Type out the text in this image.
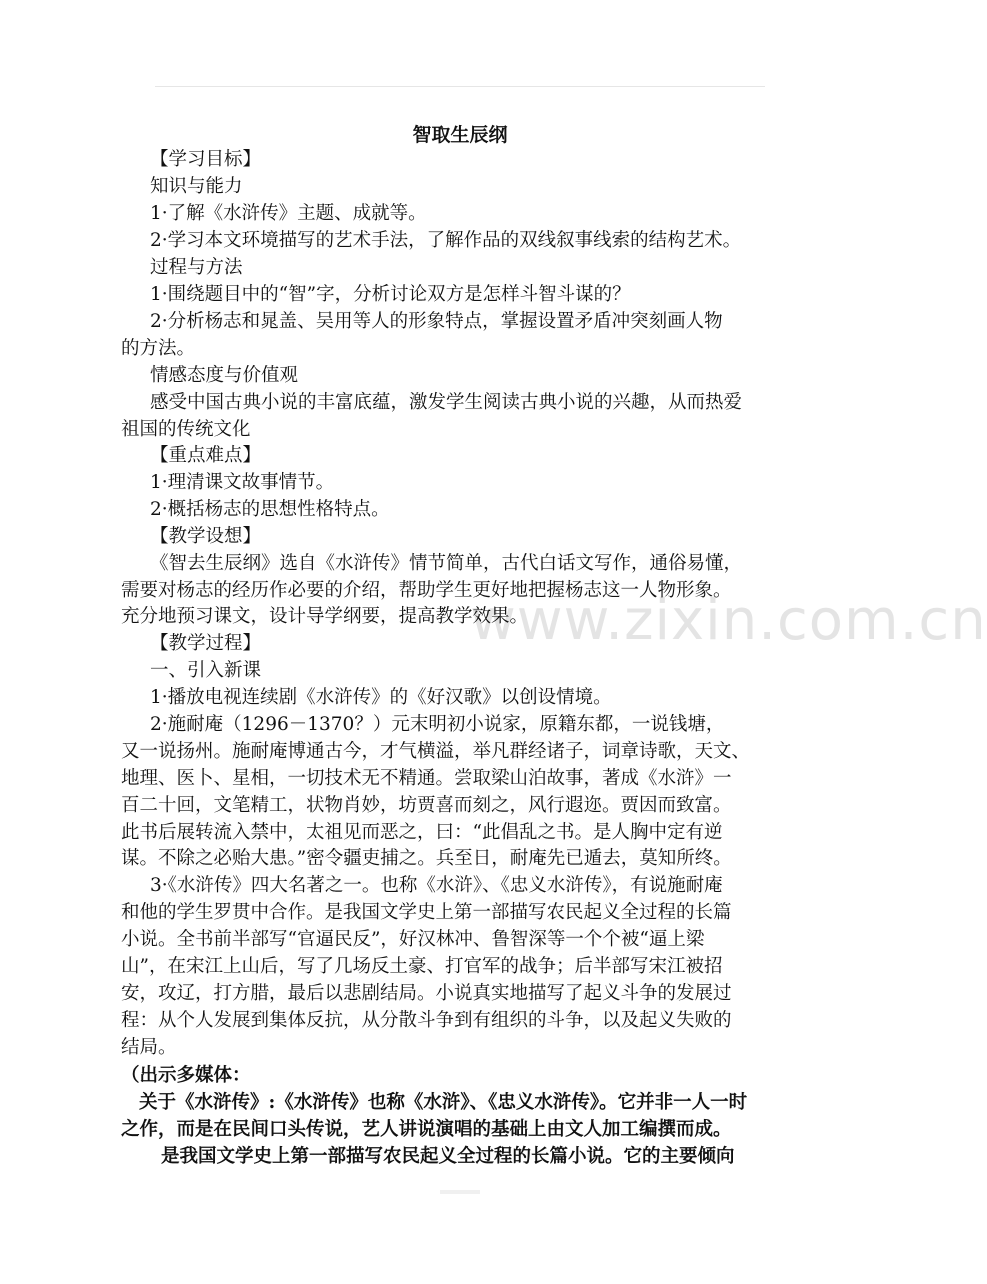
www.zixin.com.cn
智取生辰纲
【学习目标】
知识与能力
1·了解《水浒传》主题、成就等。
2·学习本文环境描写的艺术手法，了解作品的双线叙事线索的结构艺术。
过程与方法
1·围绕题目中的“智”字，分析讨论双方是怎样斗智斗谋的？
2·分析杨志和晁盖、吴用等人的形象特点，掌握设置矛盾冲突刻画人物
的方法。
情感态度与价值观
感受中国古典小说的丰富底蕴，激发学生阅读古典小说的兴趣，从而热爱
祖国的传统文化
【重点难点】
1·理清课文故事情节。
2·概括杨志的思想性格特点。
【教学设想】
《智去生辰纲》选自《水浒传》情节简单，古代白话文写作，通俗易懂，
需要对杨志的经历作必要的介绍，帮助学生更好地把握杨志这一人物形象。
充分地预习课文，设计导学纲要，提高教学效果。
【教学过程】
一、引入新课
1·播放电视连续剧《水浒传》的《好汉歌》以创设情境。
2·施耐庵（1296－1370？）元末明初小说家，原籍东都，一说钱塘，
又一说扬州。施耐庵博通古今，才气横溢，举凡群经诸子，词章诗歌，天文、
地理、医卜、星相，一切技术无不精通。尝取梁山泊故事，著成《水浒》一
百二十回，文笔精工，状物肖妙，坊贾喜而刻之，风行遐迩。贾因而致富。
此书后展转流入禁中，太祖见而恶之，曰：“此倡乱之书。是人胸中定有逆
谋。不除之必贻大患。”密令疆吏捕之。兵至日，耐庵先已遁去，莫知所终。
3·《水浒传》四大名著之一。也称《水浒》、《忠义水浒传》，有说施耐庵
和他的学生罗贯中合作。是我国文学史上第一部描写农民起义全过程的长篇
小说。全书前半部写“官逼民反”，好汉林冲、鲁智深等一个个被“逼上梁
山”，在宋江上山后，写了几场反土豪、打官军的战争；后半部写宋江被招
安，攻辽，打方腊，最后以悲剧结局。小说真实地描写了起义斗争的发展过
程：从个人发展到集体反抗，从分散斗争到有组织的斗争，以及起义失败的
结局。
（出示多媒体：
关于《水浒传》:《水浒传》也称《水浒》、《忠义水浒传》。它并非一人一时
之作，而是在民间口头传说，艺人讲说演唱的基础上由文人加工编撰而成。
是我国文学史上第一部描写农民起义全过程的长篇小说。它的主要倾向
